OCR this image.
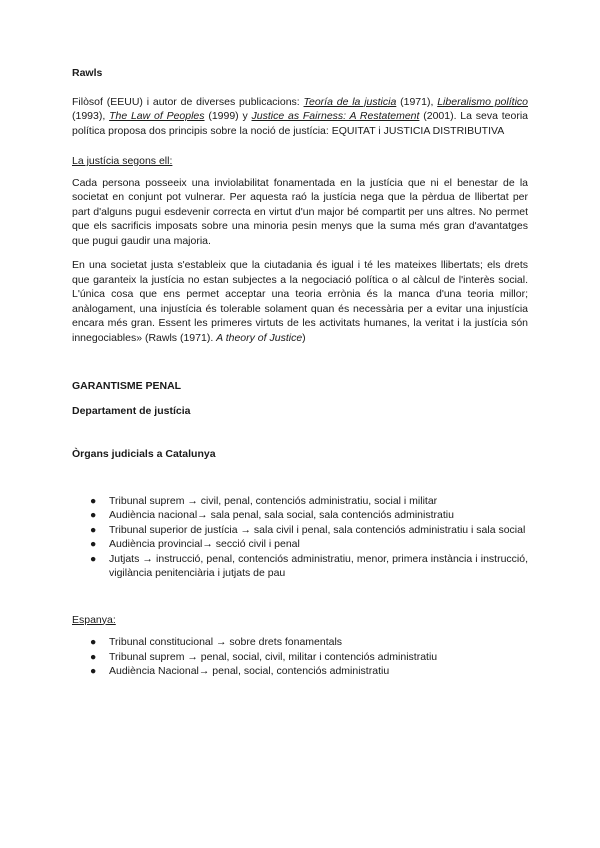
Rawls

Filòsof (EEUU) i autor de diverses publicacions: Teoría de la justicia (1971), Liberalismo político (1993), The Law of Peoples (1999) y Justice as Fairness: A Restatement (2001). La seva teoria política proposa dos principis sobre la noció de justícia: EQUITAT i JUSTICIA DISTRIBUTIVA

La justícia segons ell:

Cada persona posseeix una inviolabilitat fonamentada en la justícia que ni el benestar de la societat en conjunt pot vulnerar. Per aquesta raó la justícia nega que la pèrdua de llibertat per part d'alguns pugui esdevenir correcta en virtut d'un major bé compartit per uns altres. No permet que els sacrificis imposats sobre una minoria pesin menys que la suma més gran d'avantatges que pugui gaudir una majoria.

En una societat justa s'estableix que la ciutadania és igual i té les mateixes llibertats; els drets que garanteix la justícia no estan subjectes a la negociació política o al càlcul de l'interès social. L'única cosa que ens permet acceptar una teoria errònia és la manca d'una teoria millor; anàlogament, una injustícia és tolerable solament quan és necessària per a evitar una injustícia encara més gran. Essent les primeres virtuts de les activitats humanes, la veritat i la justícia són innegociables» (Rawls (1971). A theory of Justice)

GARANTISME PENAL
Departament de justícia
Òrgans judicials a Catalunya
● Tribunal suprem → civil, penal, contenciós administratiu, social i militar
● Audiència nacional→ sala penal, sala social, sala contenciós administratiu
● Tribunal superior de justícia → sala civil i penal, sala contenciós administratiu i sala social
● Audiència provincial→ secció civil i penal
● Jutjats → instrucció, penal, contenciós administratiu, menor, primera instància i instrucció, vigilància penitenciària i jutjats de pau
Espanya:
● Tribunal constitucional → sobre drets fonamentals
● Tribunal suprem → penal, social, civil, militar i contenciós administratiu
● Audiència Nacional→ penal, social, contenciós administratiu
